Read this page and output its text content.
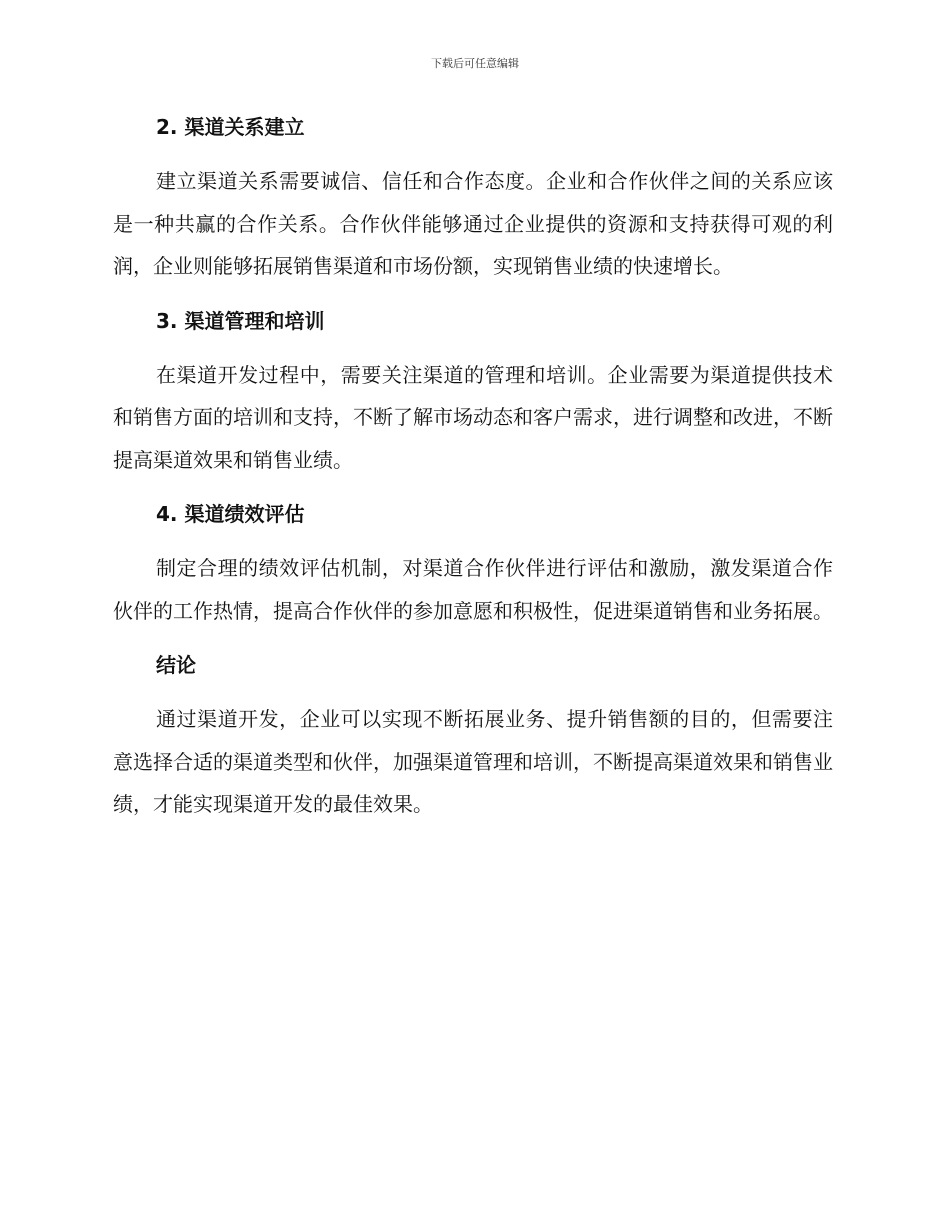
下载后可任意编辑
2. 渠道关系建立

建立渠道关系需要诚信、信任和合作态度。企业和合作伙伴之间的关系应该是一种共赢的合作关系。合作伙伴能够通过企业提供的资源和支持获得可观的利润，企业则能够拓展销售渠道和市场份额，实现销售业绩的快速增长。

3. 渠道管理和培训

在渠道开发过程中，需要关注渠道的管理和培训。企业需要为渠道提供技术和销售方面的培训和支持，不断了解市场动态和客户需求，进行调整和改进，不断提高渠道效果和销售业绩。

4. 渠道绩效评估

制定合理的绩效评估机制，对渠道合作伙伴进行评估和激励，激发渠道合作伙伴的工作热情，提高合作伙伴的参加意愿和积极性，促进渠道销售和业务拓展。

结论

通过渠道开发，企业可以实现不断拓展业务、提升销售额的目的，但需要注意选择合适的渠道类型和伙伴，加强渠道管理和培训，不断提高渠道效果和销售业绩，才能实现渠道开发的最佳效果。
